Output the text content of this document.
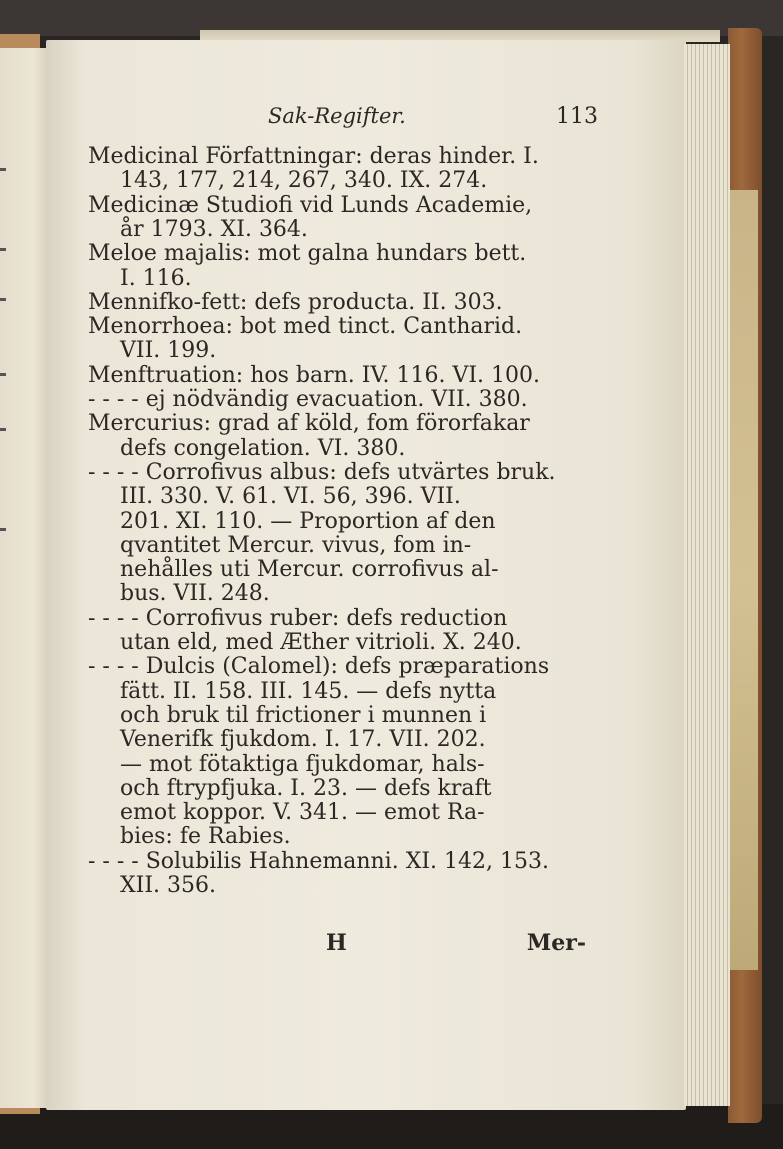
Sak-Regifter.	113
Medicinal Författningar: deras hinder. I.
143, 177, 214, 267, 340. IX. 274.
Medicinæ Studiofi vid Lunds Academie,
år 1793. XI. 364.
Meloe majalis: mot galna hundars bett.
I. 116.
Mennifko-fett: defs producta. II. 303.
Menorrhoea: bot med tinct. Cantharid.
VII. 199.
Menftruation: hos barn. IV. 116. VI. 100.
- - - - ej nödvändig evacuation. VII. 380.
Mercurius: grad af köld, fom förorfakar
defs congelation. VI. 380.
- - - - Corrofivus albus: defs utvärtes bruk.
III. 330. V. 61. VI. 56, 396. VII.
201. XI. 110. — Proportion af den
qvantitet Mercur. vivus, fom in-
nehålles uti Mercur. corrofivus al-
bus. VII. 248.
- - - - Corrofivus ruber: defs reduction
utan eld, med Æther vitrioli. X. 240.
- - - - Dulcis (Calomel): defs præparations
fätt. II. 158. III. 145. — defs nytta
och bruk til frictioner i munnen i
Venerifk fjukdom. I. 17. VII. 202.
— mot fötaktiga fjukdomar, hals-
och ftrypfjuka. I. 23. — defs kraft
emot koppor. V. 341. — emot Ra-
bies: fe Rabies.
- - - - Solubilis Hahnemanni. XI. 142, 153.
XII. 356.
H	Mer-
